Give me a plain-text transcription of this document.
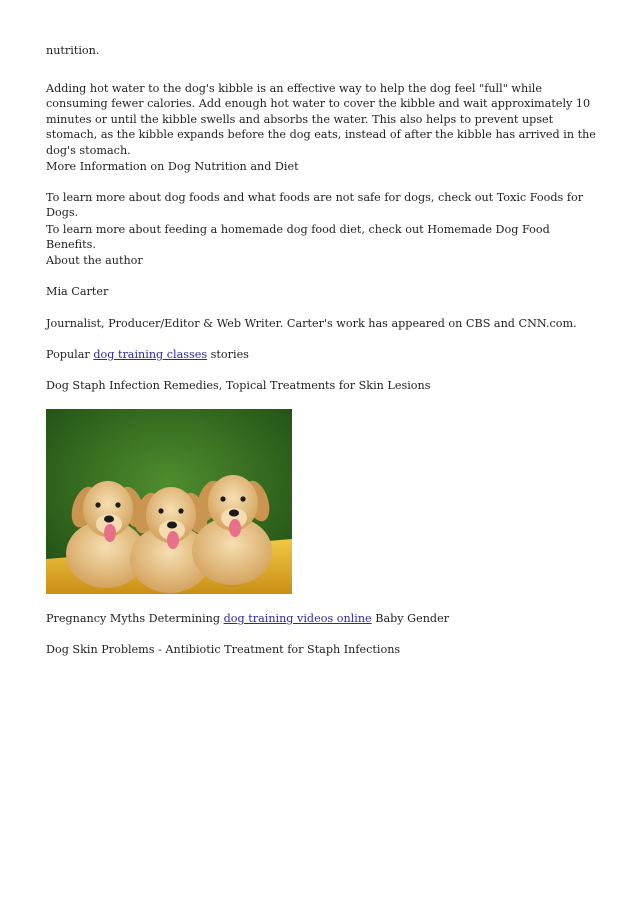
nutrition.

Adding hot water to the dog's kibble is an effective way to help the dog feel "full" while consuming fewer calories. Add enough hot water to cover the kibble and wait approximately 10 minutes or until the kibble swells and absorbs the water. This also helps to prevent upset stomach, as the kibble expands before the dog eats, instead of after the kibble has arrived in the dog's stomach.

More Information on Dog Nutrition and Diet

To learn more about dog foods and what foods are not safe for dogs, check out Toxic Foods for Dogs.

To learn more about feeding a homemade dog food diet, check out Homemade Dog Food Benefits.

About the author

Mia Carter

Journalist, Producer/Editor & Web Writer. Carter's work has appeared on CBS and CNN.com.

Popular dog training classes stories

Dog Staph Infection Remedies, Topical Treatments for Skin Lesions

Pregnancy Myths Determining dog training videos online Baby Gender

Dog Skin Problems - Antibiotic Treatment for Staph Infections
